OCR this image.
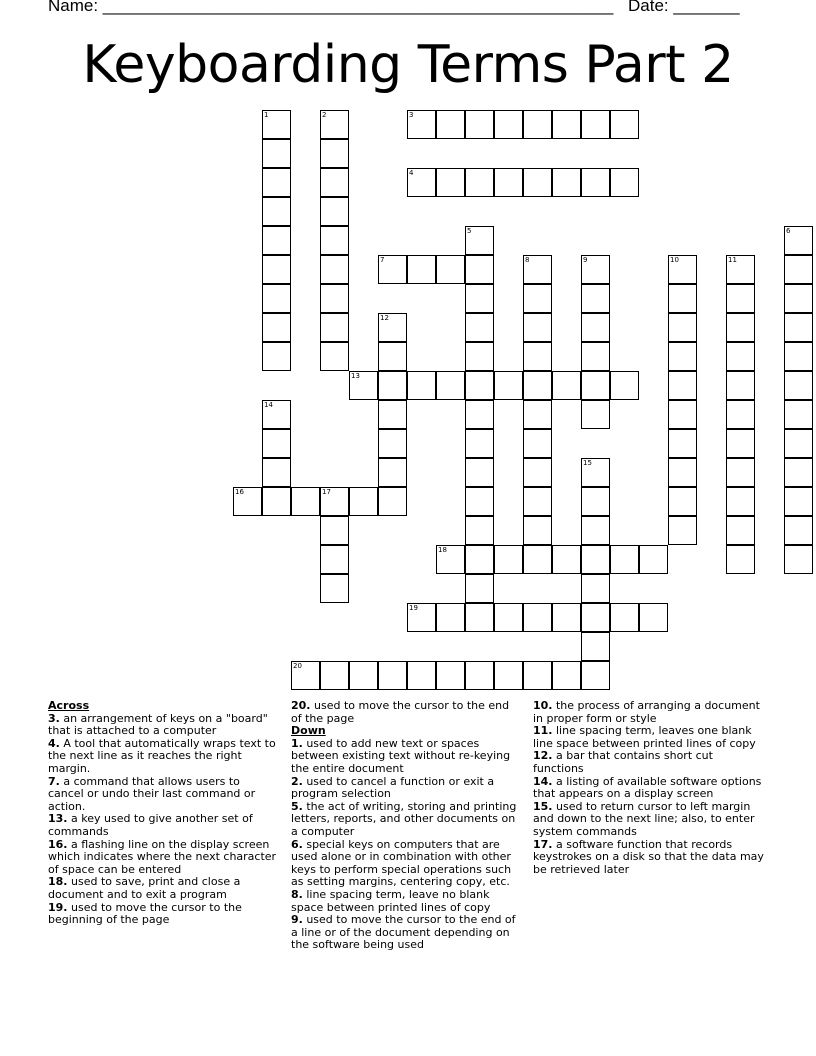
Name: ______________________________________________________ Date: _______
Keyboarding Terms Part 2
1	2	3
4
5	6
7	8	9	10	11
12
13
14
15
16	17
18
19
20
Across
3. an arrangement of keys on a "board" that is attached to a computer
4. A tool that automatically wraps text to the next line as it reaches the right margin.
7. a command that allows users to cancel or undo their last command or action.
13. a key used to give another set of commands
16. a flashing line on the display screen which indicates where the next character of space can be entered
18. used to save, print and close a document and to exit a program
19. used to move the cursor to the beginning of the page
20. used to move the cursor to the end of the page
Down
1. used to add new text or spaces between existing text without re-keying the entire document
2. used to cancel a function or exit a program selection
5. the act of writing, storing and printing letters, reports, and other documents on a computer
6. special keys on computers that are used alone or in combination with other keys to perform special operations such as setting margins, centering copy, etc.
8. line spacing term, leave no blank space between printed lines of copy
9. used to move the cursor to the end of a line or of the document depending on the software being used
10. the process of arranging a document in proper form or style
11. line spacing term, leaves one blank line space between printed lines of copy
12. a bar that contains short cut functions
14. a listing of available software options that appears on a display screen
15. used to return cursor to left margin and down to the next line; also, to enter system commands
17. a software function that records keystrokes on a disk so that the data may be retrieved later
